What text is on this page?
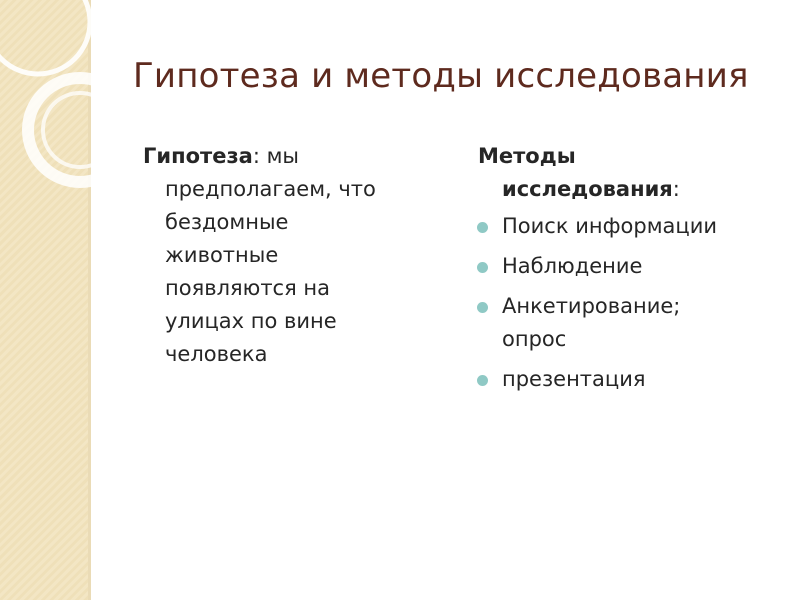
Гипотеза и методы исследования
Гипотеза: мы
предполагаем, что
бездомные
животные
появляются на
улицах по вине
человека
Методы
исследования:
Поиск информации
Наблюдение
Анкетирование;
опрос
презентация
